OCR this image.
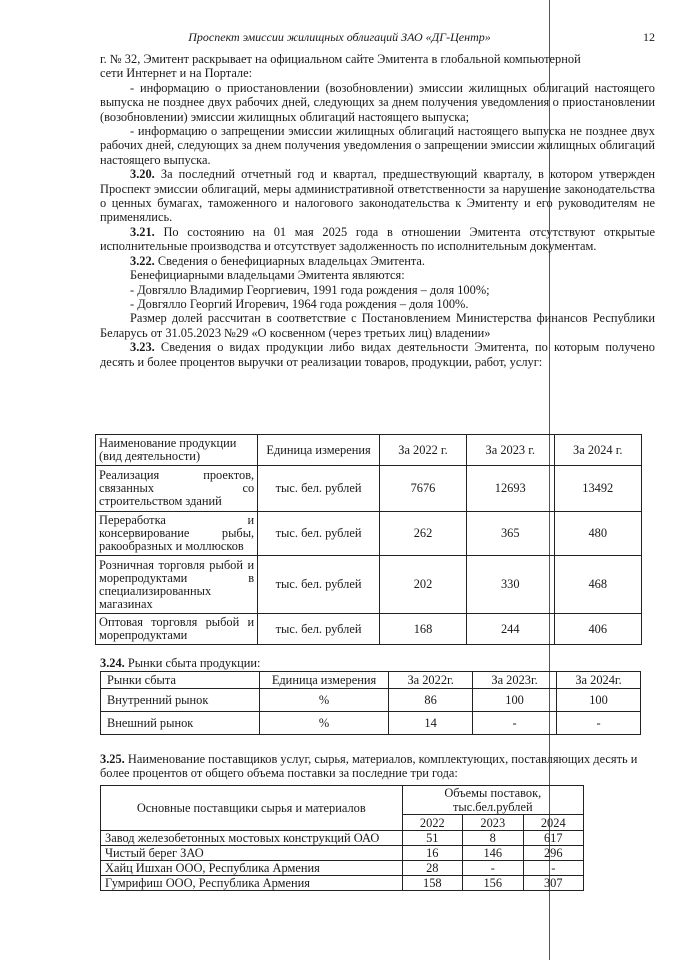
Проспект эмиссии жилищных облигаций ЗАО «ДГ-Центр»	12

г. № 32, Эмитент раскрывает на официальном сайте Эмитента в глобальной компьютерной

сети Интернет и на Портале:

- информацию о приостановлении (возобновлении) эмиссии жилищных облигаций настоящего выпуска не позднее двух рабочих дней, следующих за днем получения уведомления о приостановлении (возобновлении) эмиссии жилищных облигаций настоящего выпуска;

- информацию о запрещении эмиссии жилищных облигаций настоящего выпуска не позднее двух рабочих дней, следующих за днем получения уведомления о запрещении эмиссии жилищных облигаций настоящего выпуска.

3.20. За последний отчетный год и квартал, предшествующий кварталу, в котором утвержден Проспект эмиссии облигаций, меры административной ответственности за нарушение законодательства о ценных бумагах, таможенного и налогового законодательства к Эмитенту и его руководителям не применялись.

3.21. По состоянию на 01 мая 2025 года в отношении Эмитента отсутствуют открытые исполнительные производства и отсутствует задолженность по исполнительным документам.

3.22. Сведения о бенефициарных владельцах Эмитента.

Бенефициарными владельцами Эмитента являются:

- Довгялло Владимир Георгиевич, 1991 года рождения – доля 100%;

- Довгялло Георгий Игоревич, 1964 года рождения – доля 100%.

Размер долей рассчитан в соответствие с Постановлением Министерства финансов Республики Беларусь от 31.05.2023 №29 «О косвенном (через третьих лиц) владении»

3.23. Сведения о видах продукции либо видах деятельности Эмитента, по которым получено десять и более процентов выручки от реализации товаров, продукции, работ, услуг:

Наименование продукции (вид деятельности)	Единица измерения	За 2022 г.	За 2023 г.	За 2024 г.
Реализация проектов, связанных со строительством зданий	тыс. бел. рублей	7676	12693	13492
Переработка и консервирование рыбы, ракообразных и моллюсков	тыс. бел. рублей	262	365	480
Розничная торговля рыбой и морепродуктами в специализированных магазинах	тыс. бел. рублей	202	330	468
Оптовая торговля рыбой и морепродуктами	тыс. бел. рублей	168	244	406
3.24. Рынки сбыта продукции:
Рынки сбыта	Единица измерения	За 2022г.	За 2023г.	За 2024г.
Внутренний рынок	%	86	100	100
Внешний рынок	%	14	-	-
3.25. Наименование поставщиков услуг, сырья, материалов, комплектующих, поставляющих десять и более процентов от общего объема поставки за последние три года:
Основные поставщики сырья и материалов	Объемы поставок, тыс.бел.рублей		
	2022	2023	2024
Завод железобетонных мостовых конструкций ОАО	51	8	617
Чистый берег ЗАО	16	146	296
Хайц Ишхан ООО, Республика Армения	28	-	-
Гумрифиш ООО, Республика Армения	158	156	307
